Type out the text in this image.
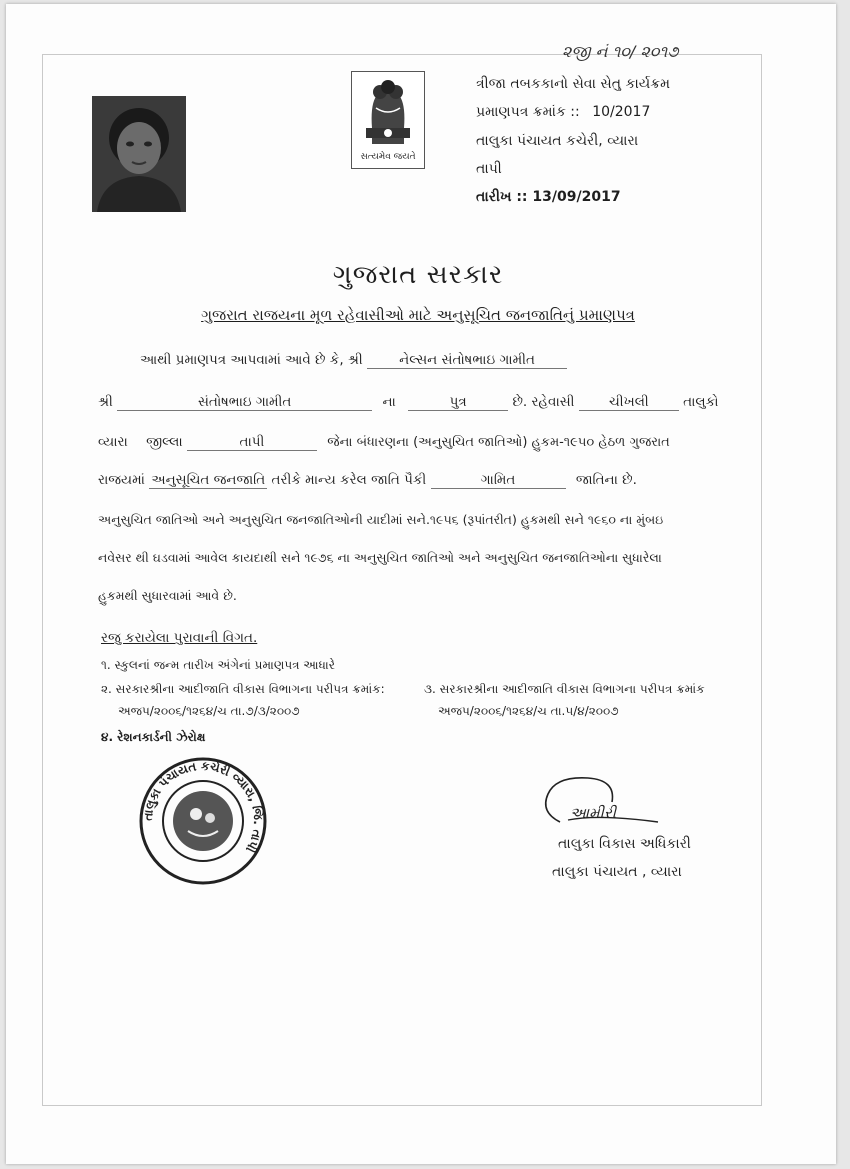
૨જી નં ૧૦/ ૨૦૧૭
સત્યમેવ જયતે
ત્રીજા તબકકાનો સેવા સેતુ કાર્યક્રમ
પ્રમાણપત્ર ક્રમાંક :: 10/2017
તાલુકા પંચાયત કચેરી, વ્યારા
તાપી
તારીખ :: 13/09/2017
ગુજરાત સરકાર
ગુજરાત રાજયના મૂળ રહેવાસીઓ માટે અનુસૂચિત જનજાતિનું પ્રમાણપત્ર
આથી પ્રમાણપત્ર આપવામાં આવે છે કે, શ્રી	નેલ્સન સંતોષભાઇ ગામીત
શ્રી	સંતોષભાઇ ગામીત	ના	પુત્ર	છે. રહેવાસી	ચીખલી	તાલુકો
વ્યારા જીલ્લા	તાપી	જેના બંધારણના (અનુસુચિત જાતિઓ) હુકમ-૧૯૫૦ હેઠળ ગુજરાત
રાજયમાં અનુસૂચિત જનજાતિ તરીકે માન્ય કરેલ જાતિ પૈકી	ગામિત	જાતિના છે.
અનુસુચિત જાતિઓ અને અનુસુચિત જનજાતિઓની યાદીમાં સને.૧૯૫૬ (રૂપાંતરીત) હુકમથી સને ૧૯૬૦ ના મુંબઇ
નવેસર થી ઘડવામાં આવેલ કાયદાથી સને ૧૯૭૬ ના અનુસુચિત જાતિઓ અને અનુસુચિત જનજાતિઓના સુધારેલા
હુકમથી સુધારવામાં આવે છે.
રજુ કરાયેલા પુરાવાની વિગત.
૧. સ્કુલનાં જન્મ તારીખ અંગેનાં પ્રમાણપત્ર આધારે
૨. સરકારશ્રીના આદીજાતિ વીકાસ વિભાગના પરીપત્ર ક્રમાંક:
અજપ/૨૦૦૬/૧૨૬૪/ચ તા.૭/૩/૨૦૦૭
૩. સરકારશ્રીના આદીજાતિ વીકાસ વિભાગના પરીપત્ર ક્રમાંક
અજપ/૨૦૦૬/૧૨૬૪/ચ તા.૫/૪/૨૦૦૭
૪. રેશનકાર્ડની ઝેરોક્ષ
તાલુકા પંચાયત કચેરી વ્યારા, જિ. તાપી
આમીરી
તાલુકા વિકાસ અધિકારી
તાલુકા પંચાયત , વ્યારા
